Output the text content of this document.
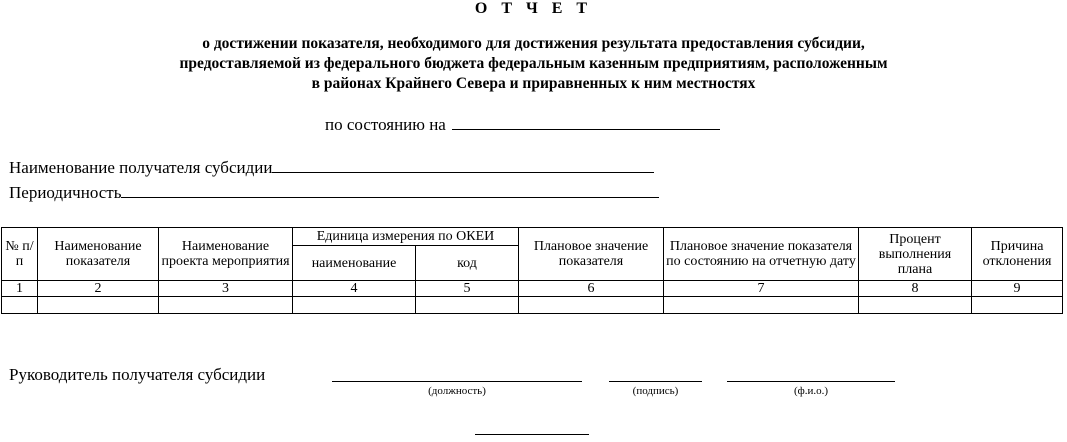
О Т Ч Е Т
о достижении показателя, необходимого для достижения результата предоставления субсидии,
предоставляемой из федерального бюджета федеральным казенным предприятиям, расположенным
в районах Крайнего Севера и приравненных к ним местностях
по состоянию на
Наименование получателя субсидии
Периодичность
№ п/п	Наименование показателя	Наименование проекта мероприятия	Единица измерения по ОКЕИ		Плановое значение показателя	Плановое значение показателя по состоянию на отчетную дату	Процент выполнения плана	Причина отклонения
			наименование	код				
1	2	3	4	5	6	7	8	9

Руководитель получателя субсидии
(должность)	(подпись)	(ф.и.о.)
